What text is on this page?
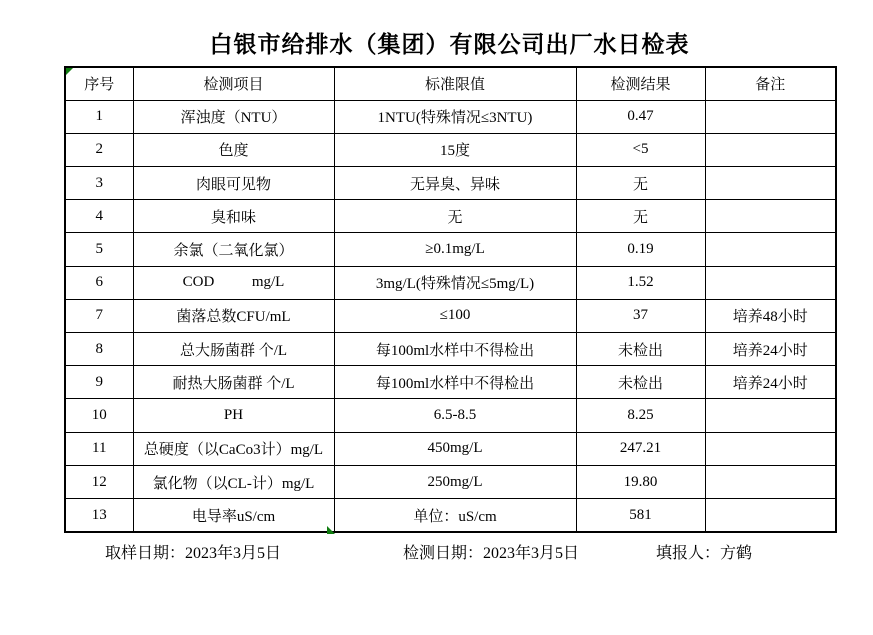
白银市给排水（集团）有限公司出厂水日检表
序号	检测项目	标准限值	检测结果	备注
1	浑浊度（NTU）	1NTU(特殊情况≤3NTU)	0.47	
2	色度	15度	<5	
3	肉眼可见物	无异臭、异味	无	
4	臭和味	无	无	
5	余氯（二氧化氯）	≥0.1mg/L	0.19	
6	COD          mg/L	3mg/L(特殊情况≤5mg/L)	1.52	
7	菌落总数CFU/mL	≤100	37	培养48小时
8	总大肠菌群 个/L	每100ml水样中不得检出	未检出	培养24小时
9	耐热大肠菌群 个/L	每100ml水样中不得检出	未检出	培养24小时
10	PH	6.5-8.5	8.25	
11	总硬度（以CaCo3计）mg/L	450mg/L	247.21	
12	氯化物（以CL-计）mg/L	250mg/L	19.80	
13	电导率uS/cm	单位：uS/cm	581	
取样日期：2023年3月5日	检测日期：2023年3月5日	填报人：方鹤
